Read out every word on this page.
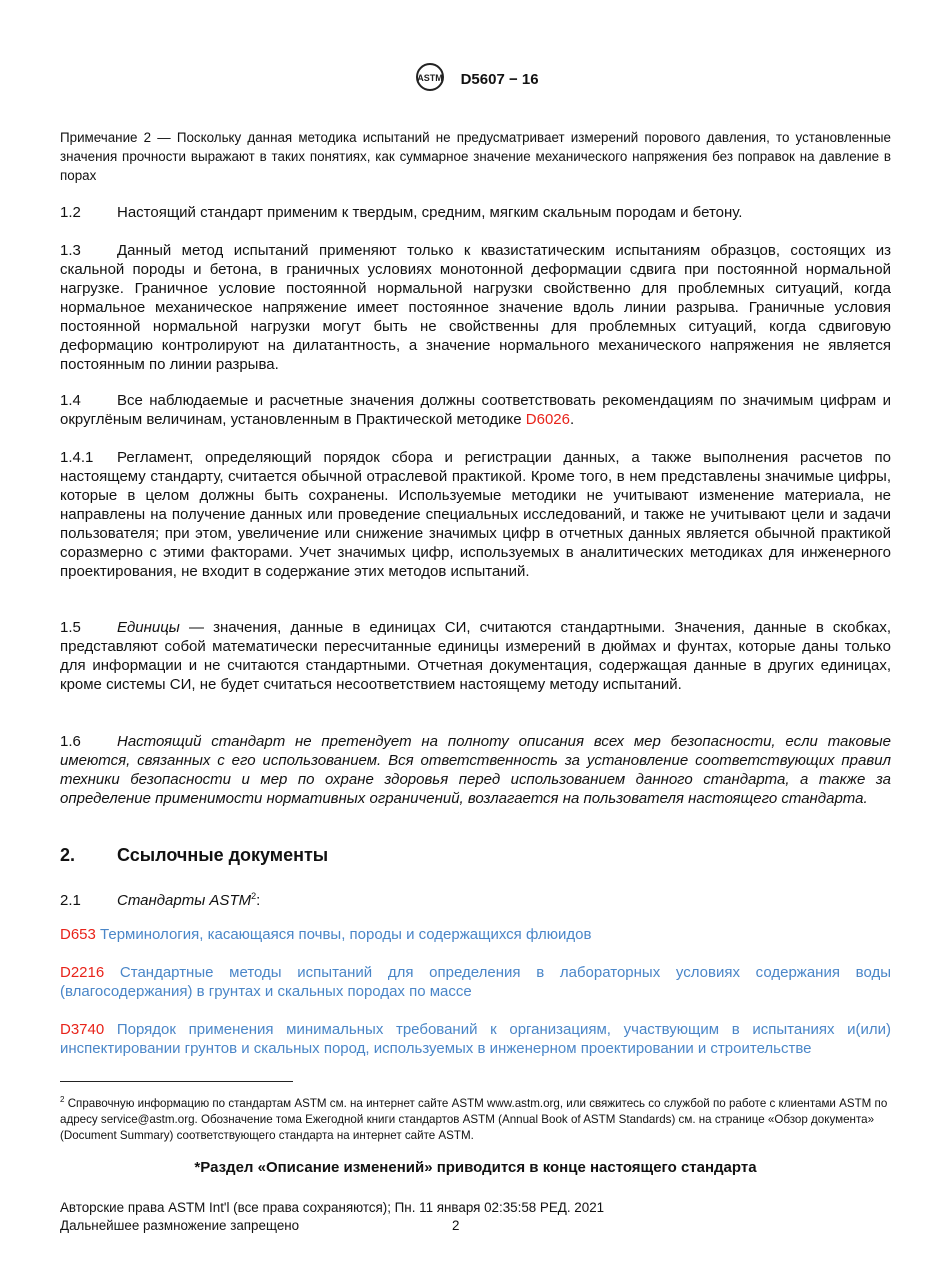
ASTM D5607 − 16
Примечание 2 — Поскольку данная методика испытаний не предусматривает измерений порового давления, то установленные значения прочности выражают в таких понятиях, как суммарное значение механического напряжения без поправок на давление в порах
1.2 Настоящий стандарт применим к твердым, средним, мягким скальным породам и бетону.
1.3 Данный метод испытаний применяют только к квазистатическим испытаниям образцов, состоящих из скальной породы и бетона, в граничных условиях монотонной деформации сдвига при постоянной нормальной нагрузке. Граничное условие постоянной нормальной нагрузки свойственно для проблемных ситуаций, когда нормальное механическое напряжение имеет постоянное значение вдоль линии разрыва. Граничные условия постоянной нормальной нагрузки могут быть не свойственны для проблемных ситуаций, когда сдвиговую деформацию контролируют на дилатантность, а значение нормального механического напряжения не является постоянным по линии разрыва.
1.4 Все наблюдаемые и расчетные значения должны соответствовать рекомендациям по значимым цифрам и округлёным величинам, установленным в Практической методике D6026.
1.4.1 Регламент, определяющий порядок сбора и регистрации данных, а также выполнения расчетов по настоящему стандарту, считается обычной отраслевой практикой. Кроме того, в нем представлены значимые цифры, которые в целом должны быть сохранены. Используемые методики не учитывают изменение материала, не направлены на получение данных или проведение специальных исследований, и также не учитывают цели и задачи пользователя; при этом, увеличение или снижение значимых цифр в отчетных данных является обычной практикой соразмерно с этими факторами. Учет значимых цифр, используемых в аналитических методиках для инженерного проектирования, не входит в содержание этих методов испытаний.
1.5 Единицы — значения, данные в единицах СИ, считаются стандартными. Значения, данные в скобках, представляют собой математически пересчитанные единицы измерений в дюймах и фунтах, которые даны только для информации и не считаются стандартными. Отчетная документация, содержащая данные в других единицах, кроме системы СИ, не будет считаться несоответствием настоящему методу испытаний.
1.6 Настоящий стандарт не претендует на полноту описания всех мер безопасности, если таковые имеются, связанных с его использованием. Вся ответственность за установление соответствующих правил техники безопасности и мер по охране здоровья перед использованием данного стандарта, а также за определение применимости нормативных ограничений, возлагается на пользователя настоящего стандарта.
2. Ссылочные документы
2.1 Стандарты ASTM$^2$:
D653 Терминология, касающаяся почвы, породы и содержащихся флюидов
D2216 Стандартные методы испытаний для определения в лабораторных условиях содержания воды (влагосодержания) в грунтах и скальных породах по массе
D3740 Порядок применения минимальных требований к организациям, участвующим в испытаниях и(или) инспектировании грунтов и скальных пород, используемых в инженерном проектировании и строительстве
$^2$ Справочную информацию по стандартам ASTM см. на интернет сайте ASTM www.astm.org, или свяжитесь со службой по работе с клиентами ASTM по адресу service@astm.org. Обозначение тома Ежегодной книги стандартов ASTM (Annual Book of ASTM Standards) см. на странице «Обзор документа» (Document Summary) соответствующего стандарта на интернет сайте ASTM.
*Раздел «Описание изменений» приводится в конце настоящего стандарта
Авторские права ASTM Int'l (все права сохраняются); Пн. 11 января 02:35:58 РЕД. 2021
Дальнейшее размножение запрещено	2
